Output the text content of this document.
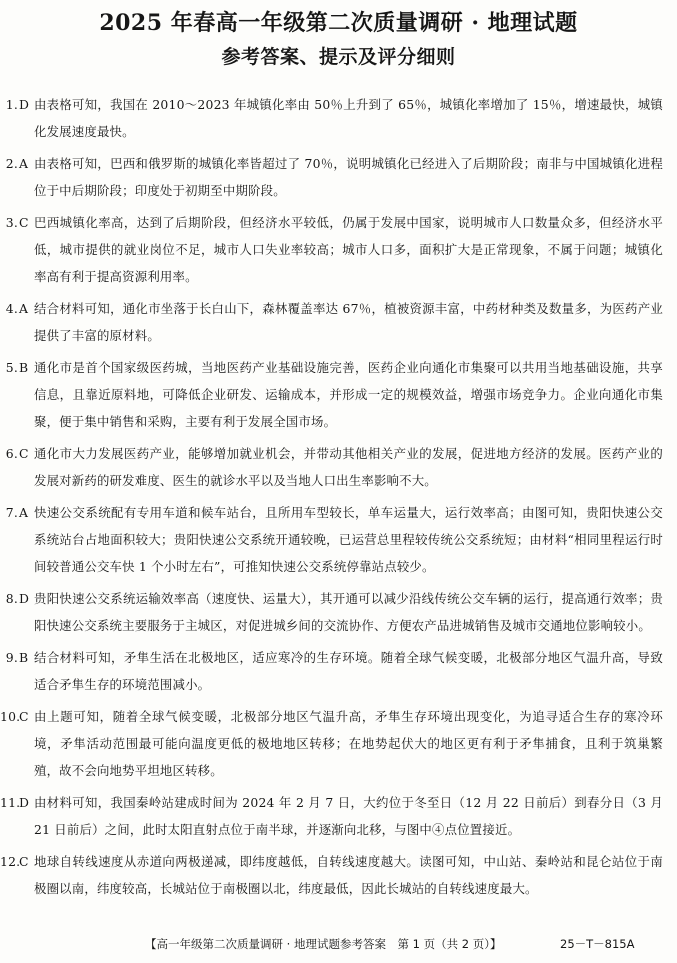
2025 年春高一年级第二次质量调研 · 地理试题
参考答案、提示及评分细则
1.D 由表格可知，我国在 2010～2023 年城镇化率由 50％上升到了 65％，城镇化率增加了 15％，增速最快，城镇化发展速度最快。
2.A 由表格可知，巴西和俄罗斯的城镇化率皆超过了 70％，说明城镇化已经进入了后期阶段；南非与中国城镇化进程位于中后期阶段；印度处于初期至中期阶段。
3.C 巴西城镇化率高，达到了后期阶段，但经济水平较低，仍属于发展中国家，说明城市人口数量众多，但经济水平低，城市提供的就业岗位不足，城市人口失业率较高；城市人口多，面积扩大是正常现象，不属于问题；城镇化率高有利于提高资源利用率。
4.A 结合材料可知，通化市坐落于长白山下，森林覆盖率达 67％，植被资源丰富，中药材种类及数量多，为医药产业提供了丰富的原材料。
5.B 通化市是首个国家级医药城，当地医药产业基础设施完善，医药企业向通化市集聚可以共用当地基础设施，共享信息，且靠近原料地，可降低企业研发、运输成本，并形成一定的规模效益，增强市场竞争力。企业向通化市集聚，便于集中销售和采购，主要有利于发展全国市场。
6.C 通化市大力发展医药产业，能够增加就业机会，并带动其他相关产业的发展，促进地方经济的发展。医药产业的发展对新药的研发难度、医生的就诊水平以及当地人口出生率影响不大。
7.A 快速公交系统配有专用车道和候车站台，且所用车型较长，单车运量大，运行效率高；由图可知，贵阳快速公交系统站台占地面积较大；贵阳快速公交系统开通较晚，已运营总里程较传统公交系统短；由材料“相同里程运行时间较普通公交车快 1 个小时左右”，可推知快速公交系统停靠站点较少。
8.D 贵阳快速公交系统运输效率高（速度快、运量大），其开通可以减少沿线传统公交车辆的运行，提高通行效率；贵阳快速公交系统主要服务于主城区，对促进城乡间的交流协作、方便农产品进城销售及城市交通地位影响较小。
9.B 结合材料可知，矛隼生活在北极地区，适应寒冷的生存环境。随着全球气候变暖，北极部分地区气温升高，导致适合矛隼生存的环境范围减小。
10.C 由上题可知，随着全球气候变暖，北极部分地区气温升高，矛隼生存环境出现变化，为追寻适合生存的寒冷环境，矛隼活动范围最可能向温度更低的极地地区转移；在地势起伏大的地区更有利于矛隼捕食，且利于筑巢繁殖，故不会向地势平坦地区转移。
11.D 由材料可知，我国秦岭站建成时间为 2024 年 2 月 7 日，大约位于冬至日（12 月 22 日前后）到春分日（3 月 21 日前后）之间，此时太阳直射点位于南半球，并逐渐向北移，与图中④点位置接近。
12.C 地球自转线速度从赤道向两极递减，即纬度越低，自转线速度越大。读图可知，中山站、秦岭站和昆仑站位于南极圈以南，纬度较高，长城站位于南极圈以北，纬度最低，因此长城站的自转线速度最大。
【高一年级第二次质量调研 · 地理试题参考答案　第 1 页（共 2 页）】	25－T－815A
